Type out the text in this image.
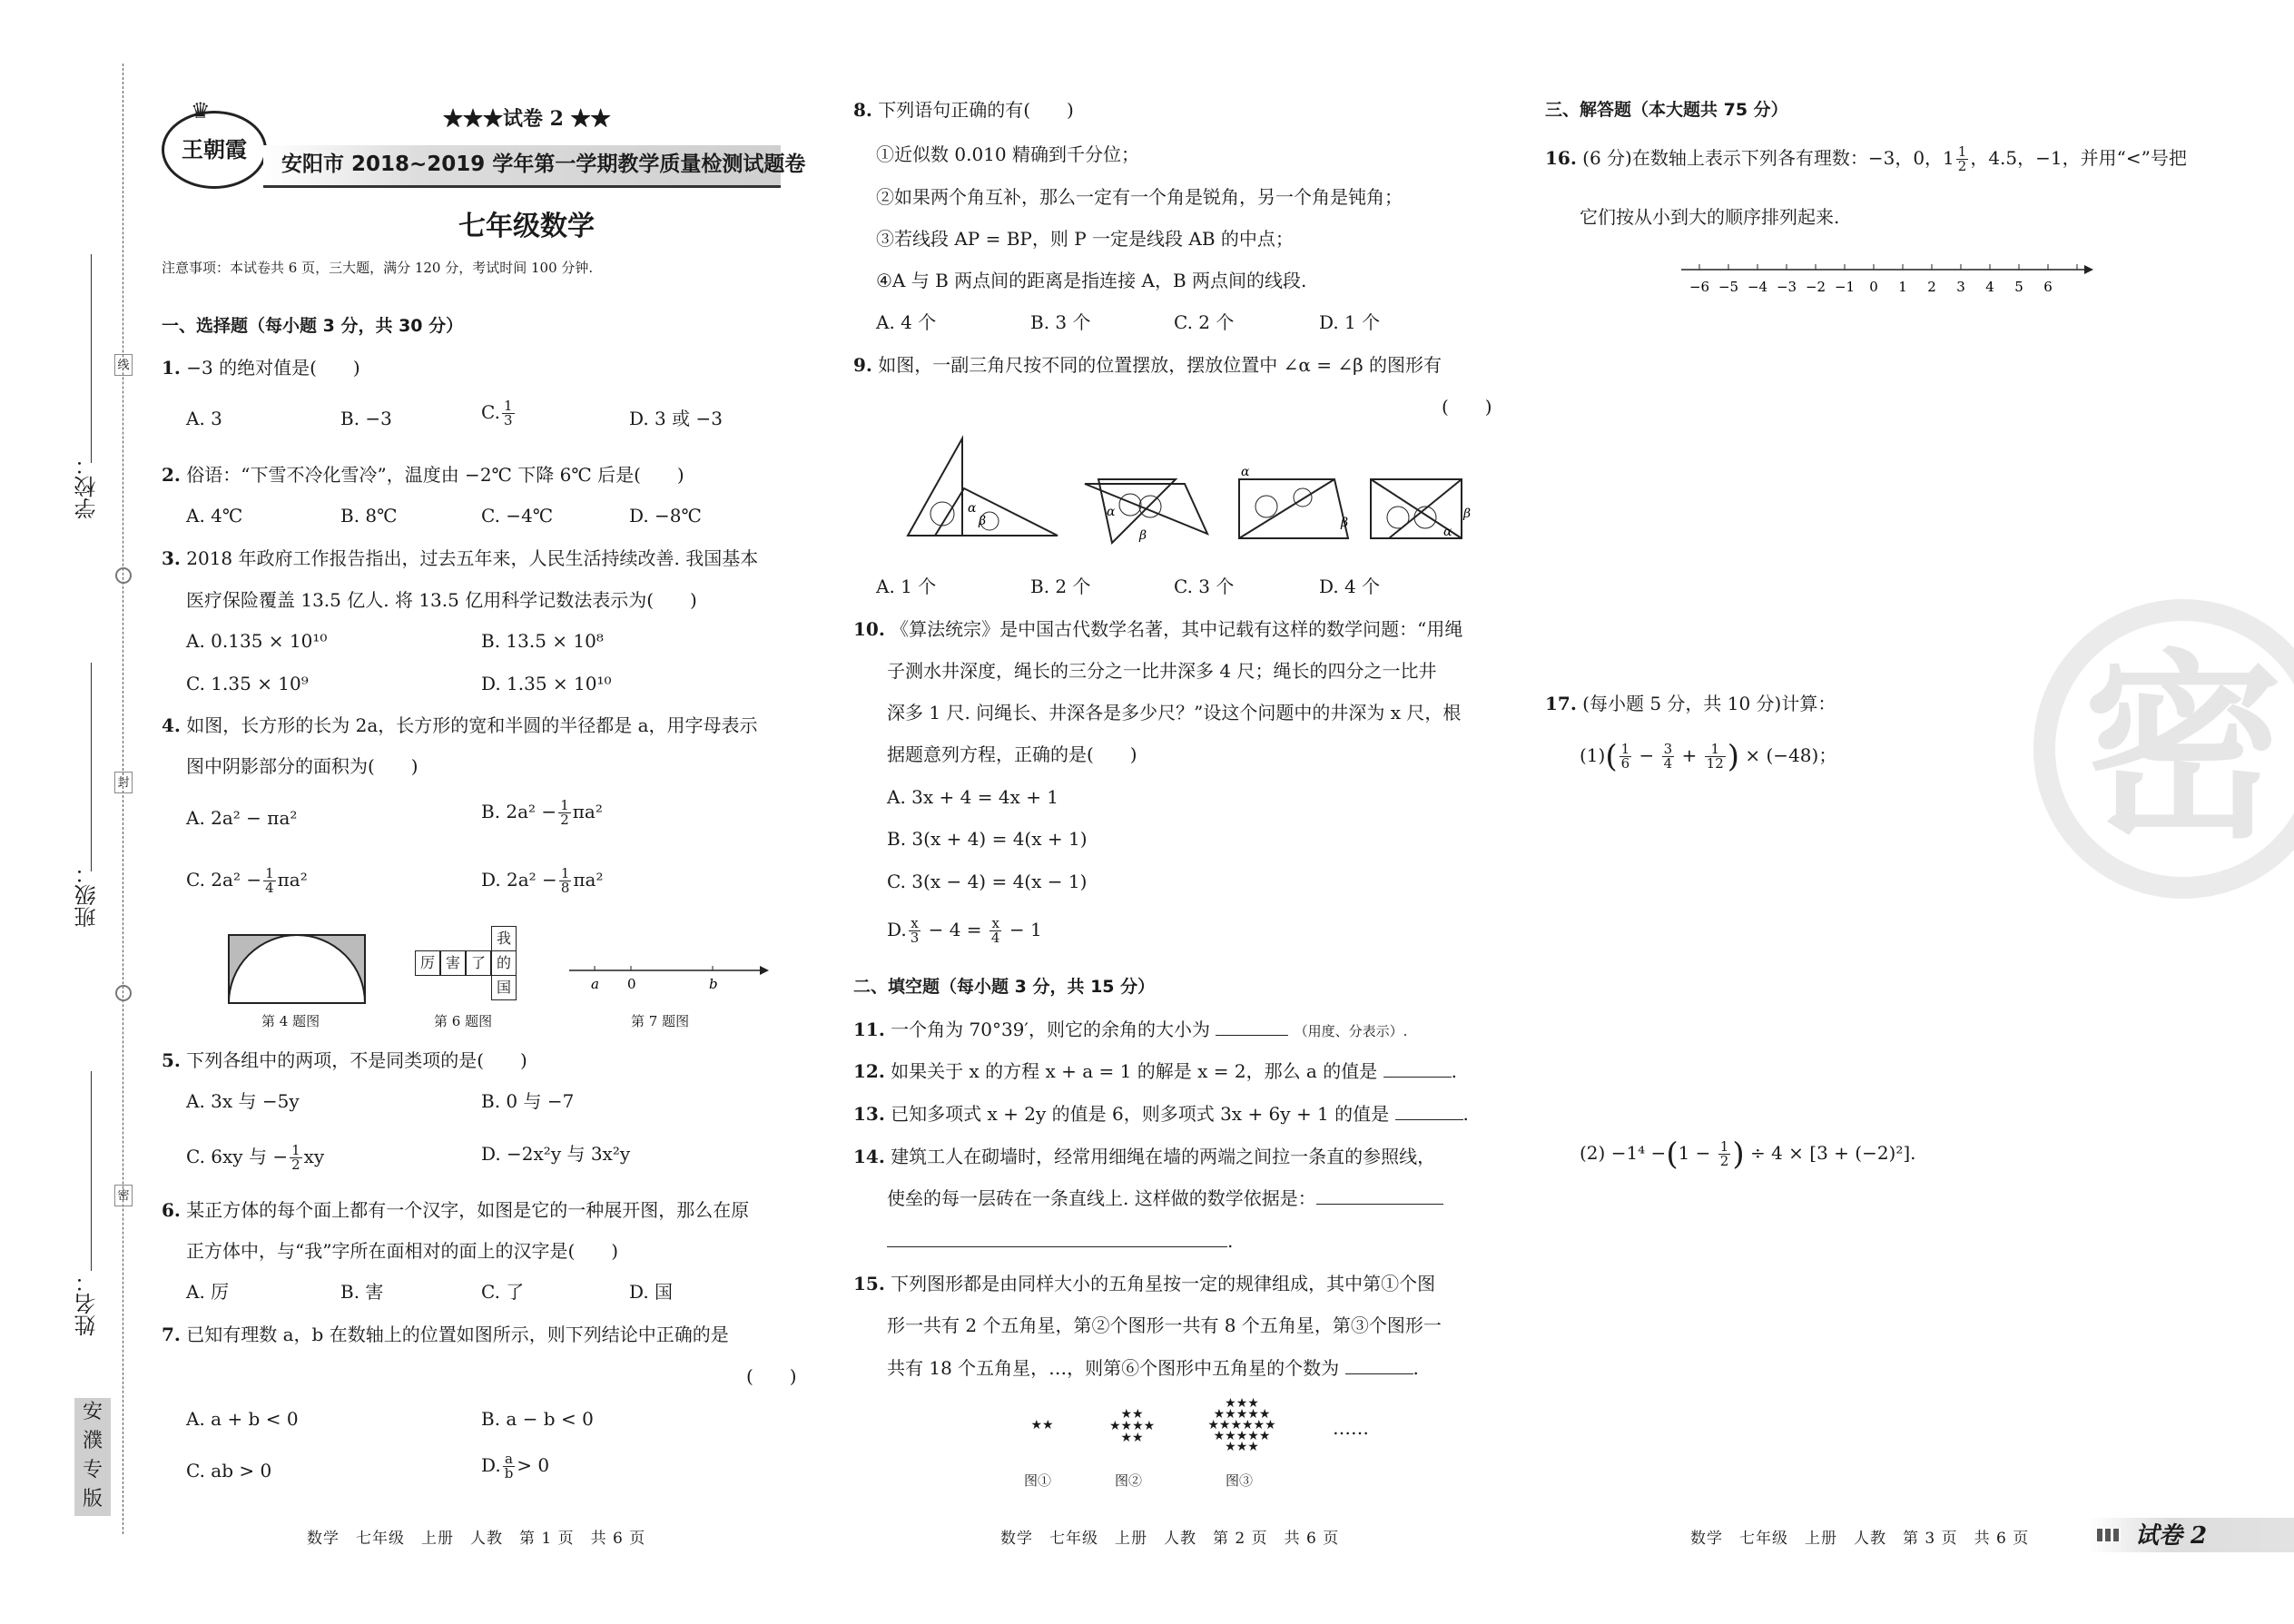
学校：
班级：
姓名：
线
封
密
安
濮
专
版
王朝霞
♛	★★★试卷 2 ★★
安阳市 2018~2019 学年第一学期教学质量检测试题卷
七年级数学
注意事项：本试卷共 6 页，三大题，满分 120 分，考试时间 100 分钟.
一、选择题（每小题 3 分，共 30 分）
1. −3 的绝对值是(　　)
A. 3	B. −3	C. $\frac{1}{3}$	D. 3 或 −3
2. 俗语：“下雪不冷化雪冷”，温度由 −2℃ 下降 6℃ 后是(　　)
A. 4℃	B. 8℃	C. −4℃	D. −8℃
3. 2018 年政府工作报告指出，过去五年来，人民生活持续改善. 我国基本
医疗保险覆盖 13.5 亿人. 将 13.5 亿用科学记数法表示为(　　)
A. 0.135 × 10¹⁰	B. 13.5 × 10⁸
C. 1.35 × 10⁹	D. 1.35 × 10¹⁰
4. 如图，长方形的长为 2a，长方形的宽和半圆的半径都是 a，用字母表示
图中阴影部分的面积为(　　)
A. 2a² − πa²	B. $2a^2 - \frac{1}{2} \pi a^2$
C. $2a^2 - \frac{1}{4} \pi a^2$	D. $2a^2 - \frac{1}{8} \pi a^2$
第 4 题图
我
厉 害 了 的
国
第 6 题图
a 0	b
第 7 题图
5. 下列各组中的两项，不是同类项的是(　　)
A. 3x 与 −5y	B. 0 与 −7
C. 6xy 与 − $\frac{1}{2}$ xy	D. −2x²y 与 3x²y
6. 某正方体的每个面上都有一个汉字，如图是它的一种展开图，那么在原
正方体中，与“我”字所在面相对的面上的汉字是(　　)
A. 厉	B. 害	C. 了	D. 国
7. 已知有理数 a，b 在数轴上的位置如图所示，则下列结论中正确的是
(　　)
A. a + b < 0	B. a − b < 0
C. ab > 0	D. $\frac{a}{b} > 0$
数学　七年级　上册　人教　第 1 页　共 6 页
8. 下列语句正确的有(　　)
①近似数 0.010 精确到千分位；
②如果两个角互补，那么一定有一个角是锐角，另一个角是钝角；
③若线段 AP = BP，则 P 一定是线段 AB 的中点；
④A 与 B 两点间的距离是指连接 A，B 两点间的线段.
A. 4 个	B. 3 个	C. 2 个	D. 1 个
9. 如图，一副三角尺按不同的位置摆放，摆放位置中 ∠α = ∠β 的图形有
(　　)
α
β
α
β
α
β
α
β
A. 1 个	B. 2 个	C. 3 个	D. 4 个
10. 《算法统宗》是中国古代数学名著，其中记载有这样的数学问题：“用绳
子测水井深度，绳长的三分之一比井深多 4 尺；绳长的四分之一比井
深多 1 尺. 问绳长、井深各是多少尺？”设这个问题中的井深为 x 尺，根
据题意列方程，正确的是(　　)
A. 3x + 4 = 4x + 1
B. 3(x + 4) = 4(x + 1)
C. 3(x − 4) = 4(x − 1)
D. $\frac{x}{3} - 4 = \frac{x}{4} - 1$
二、填空题（每小题 3 分，共 15 分）
11. 一个角为 70°39′，则它的余角的大小为	（用度、分表示）.
12. 如果关于 x 的方程 x + a = 1 的解是 x = 2，那么 a 的值是	.
13. 已知多项式 x + 2y 的值是 6，则多项式 3x + 6y + 1 的值是	.
14. 建筑工人在砌墙时，经常用细绳在墙的两端之间拉一条直的参照线，
使垒的每一层砖在一条直线上. 这样做的数学依据是：
.
15. 下列图形都是由同样大小的五角星按一定的规律组成，其中第①个图
形一共有 2 个五角星，第②个图形一共有 8 个五角星，第③个图形一
共有 18 个五角星，…，则第⑥个图形中五角星的个数为	.
★★
★★
★★★★
★★
★★★
★★★★★
★★★★★★
★★★★★
★★★
……
图①	图②	图③
数学　七年级　上册　人教　第 2 页　共 6 页
密
三、解答题（本大题共 75 分）
16. (6 分)在数轴上表示下列各有理数：−3，0，$1 \frac{1}{2}$ ，4.5，−1，并用“<”号把
它们按从小到大的顺序排列起来.
−6 −5 −4 −3 −2 −1 0 1 2 3 4 5 6
17. (每小题 5 分，共 10 分)计算：
$(1)( \frac{1}{6} - \frac{3}{4} + \frac{1}{12}$ ) × (−48)；
$(2) -1^4 -(1 - \frac{1}{2}$ ) ÷ 4 × [3 + (−2)²].
数学　七年级　上册　人教　第 3 页　共 6 页	试卷 2
